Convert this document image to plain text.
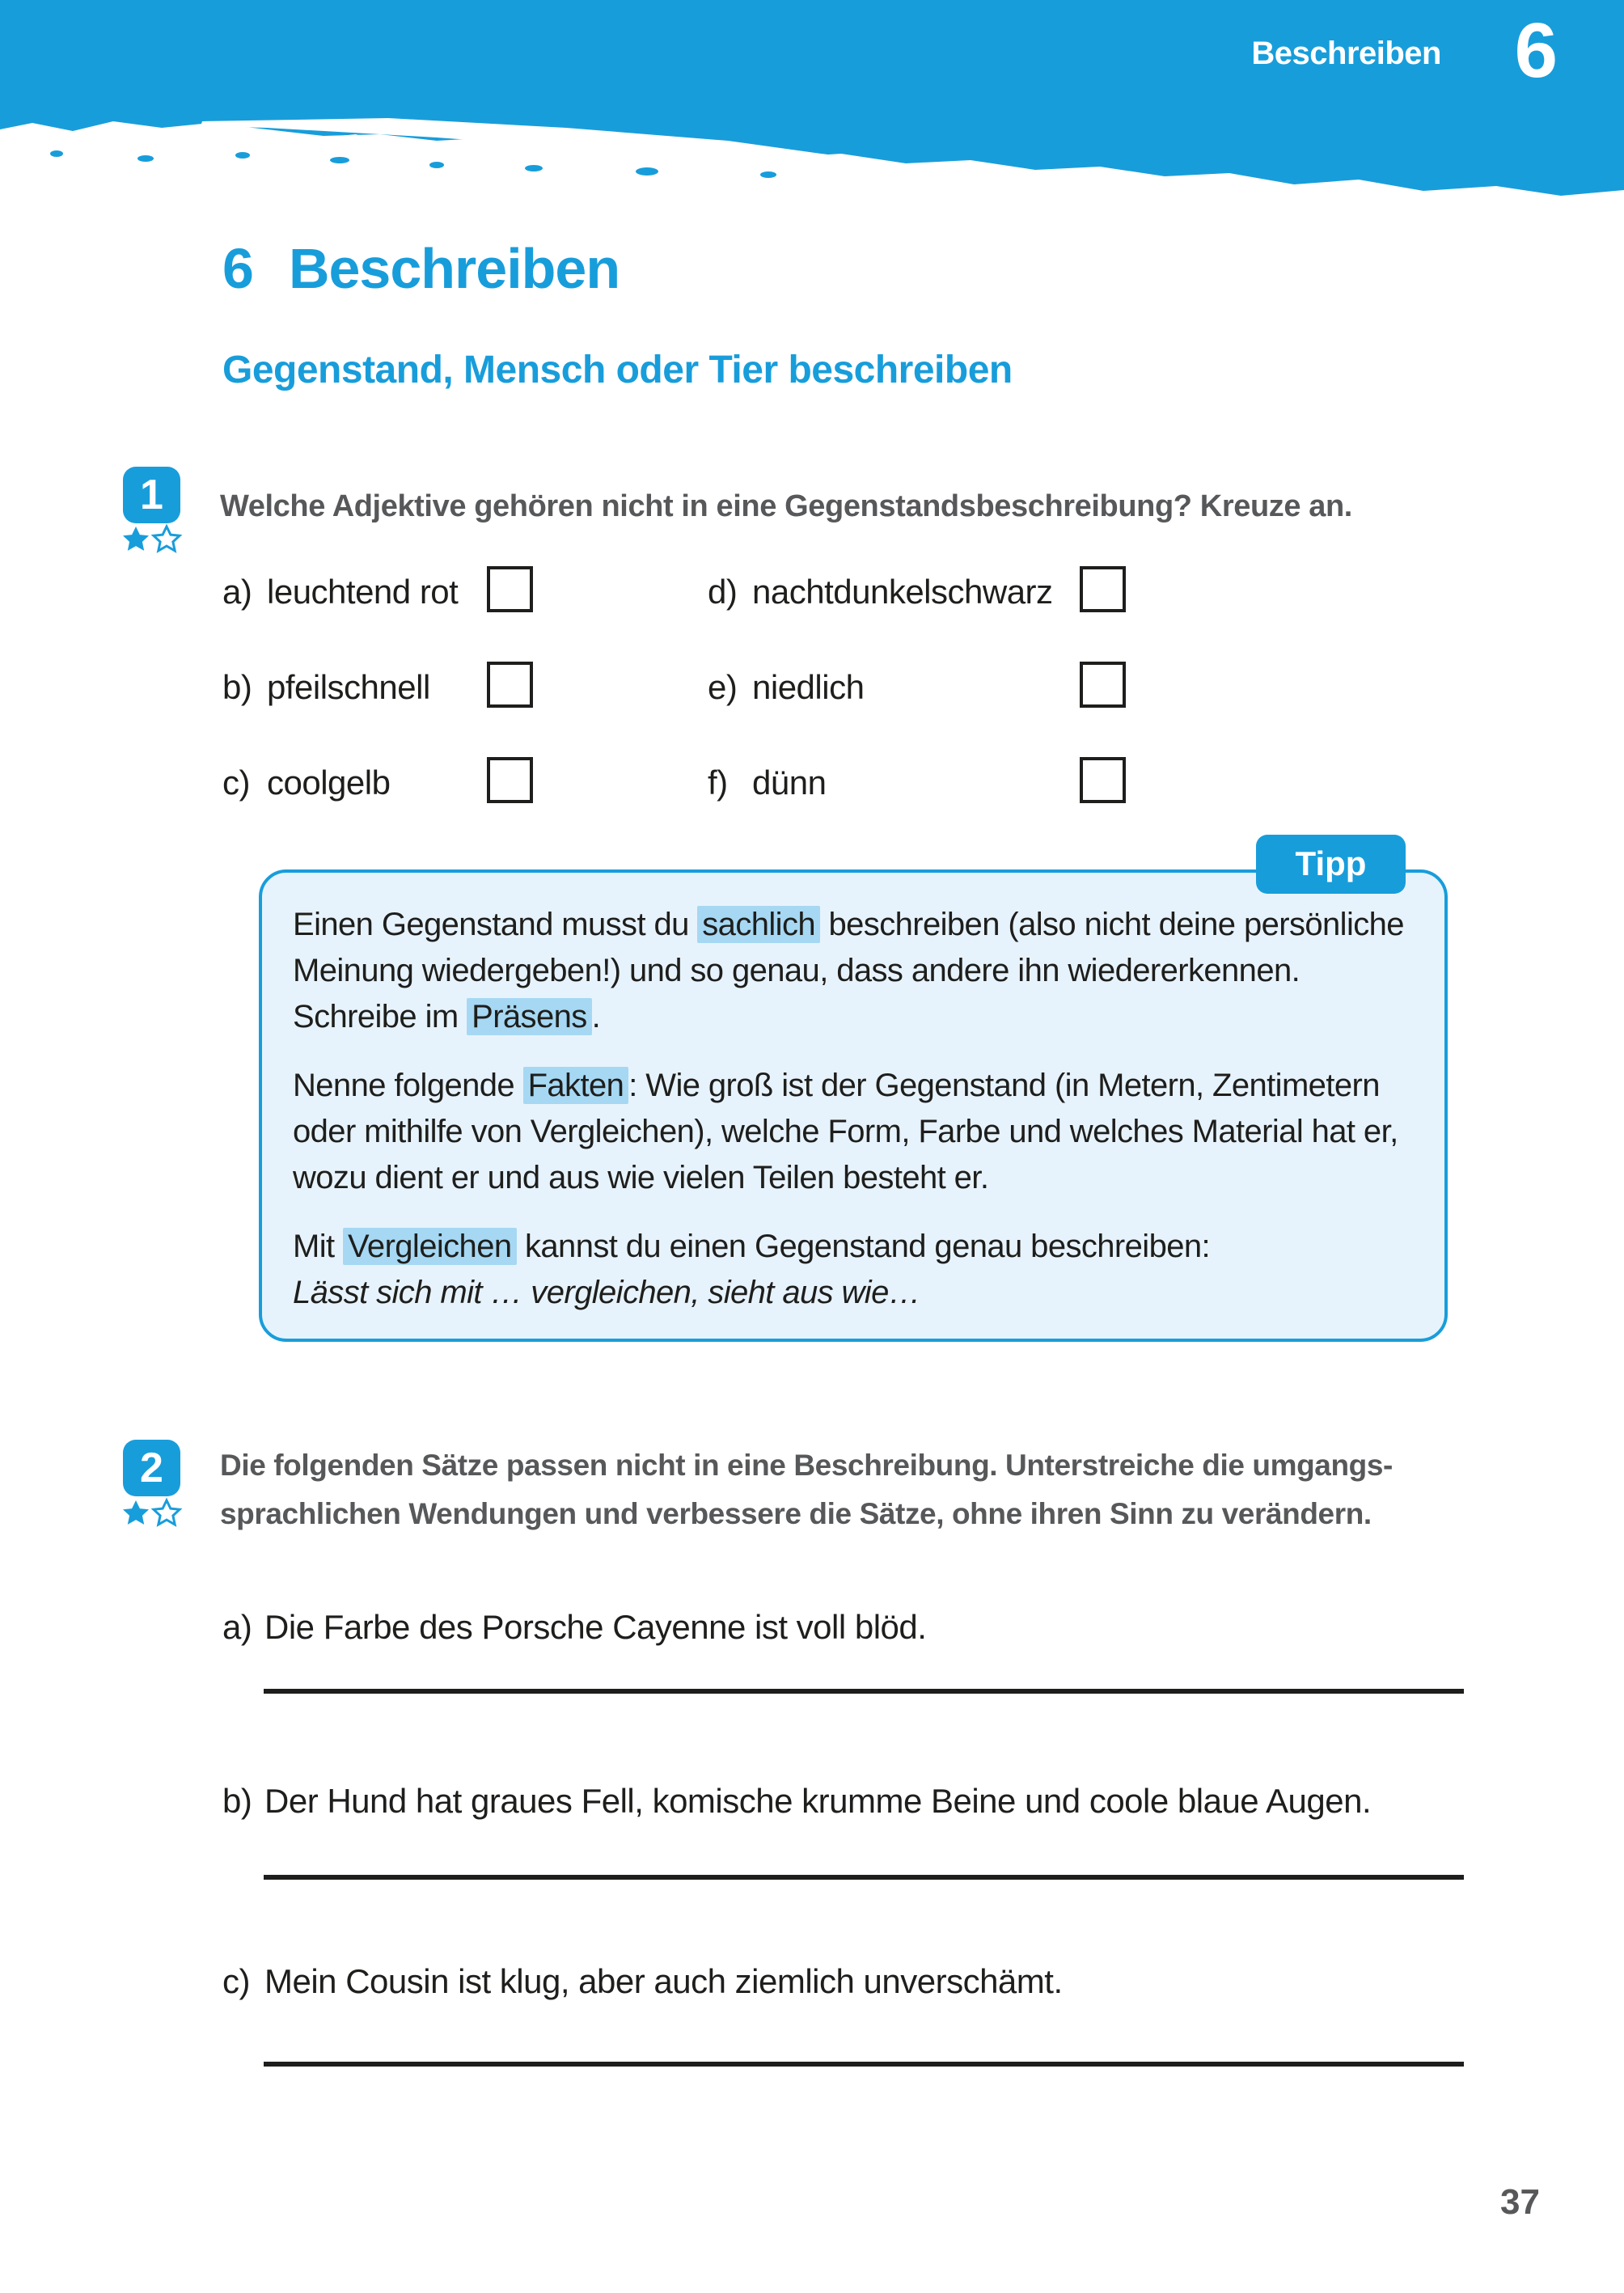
Beschreiben 6
6 Beschreiben
Gegenstand, Mensch oder Tier beschreiben
1	Welche Adjektive gehören nicht in eine Gegenstandsbeschreibung? Kreuze an.
a) leuchtend rot
b) pfeilschnell
c) coolgelb
d) nachtdunkelschwarz
e) niedlich
f) dünn
Tipp

Einen Gegenstand musst du sachlich beschreiben (also nicht deine persönliche Meinung wiedergeben!) und so genau, dass andere ihn wiedererkennen. Schreibe im Präsens .

Nenne folgende Fakten : Wie groß ist der Gegenstand (in Metern, Zentimetern oder mithilfe von Vergleichen), welche Form, Farbe und welches Material hat er, wozu dient er und aus wie vielen Teilen besteht er.

Mit Vergleichen kannst du einen Gegenstand genau beschreiben:
Lässt sich mit … vergleichen, sieht aus wie…

2	Die folgenden Sätze passen nicht in eine Beschreibung. Unterstreiche die umgangssprachlichen Wendungen und verbessere die Sätze, ohne ihren Sinn zu verändern.
a) Die Farbe des Porsche Cayenne ist voll blöd.
b) Der Hund hat graues Fell, komische krumme Beine und coole blaue Augen.
c) Mein Cousin ist klug, aber auch ziemlich unverschämt.
37
